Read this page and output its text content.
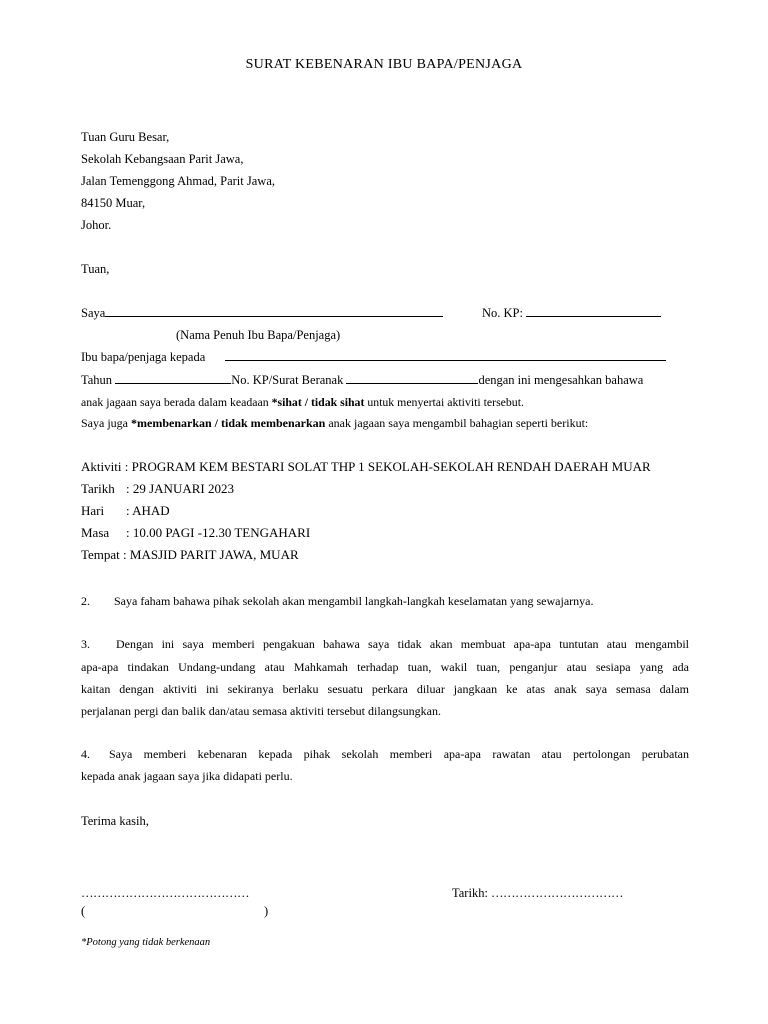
SURAT KEBENARAN IBU BAPA/PENJAGA
Tuan Guru Besar,
Sekolah Kebangsaan Parit Jawa,
Jalan Temenggong Ahmad, Parit Jawa,
84150 Muar,
Johor.
Tuan,
Saya	No. KP:
(Nama Penuh Ibu Bapa/Penjaga)
Ibu bapa/penjaga kepada
Tahun	No. KP/Surat Beranak	dengan ini mengesahkan bahawa
anak jagaan saya berada dalam keadaan *sihat / tidak sihat untuk menyertai aktiviti tersebut.
Saya juga *membenarkan / tidak membenarkan anak jagaan saya mengambil bahagian seperti berikut:
Aktiviti : PROGRAM KEM BESTARI SOLAT THP 1 SEKOLAH-SEKOLAH RENDAH DAERAH MUAR
Tarikh : 29 JANUARI 2023
Hari : AHAD
Masa : 10.00 PAGI -12.30 TENGAHARI
Tempat : MASJID PARIT JAWA, MUAR
2. Saya faham bahawa pihak sekolah akan mengambil langkah-langkah keselamatan yang sewajarnya.
3. Dengan ini saya memberi pengakuan bahawa saya tidak akan membuat apa-apa tuntutan atau mengambil
apa-apa tindakan Undang-undang atau Mahkamah terhadap tuan, wakil tuan, penganjur atau sesiapa yang ada
kaitan dengan aktiviti ini sekiranya berlaku sesuatu perkara diluar jangkaan ke atas anak saya semasa dalam
perjalanan pergi dan balik dan/atau semasa aktiviti tersebut dilangsungkan.
4. Saya memberi kebenaran kepada pihak sekolah memberi apa-apa rawatan atau pertolongan perubatan
kepada anak jagaan saya jika didapati perlu.
Terima kasih,
……………………………………	Tarikh: ……………………………
(	)
*Potong yang tidak berkenaan
